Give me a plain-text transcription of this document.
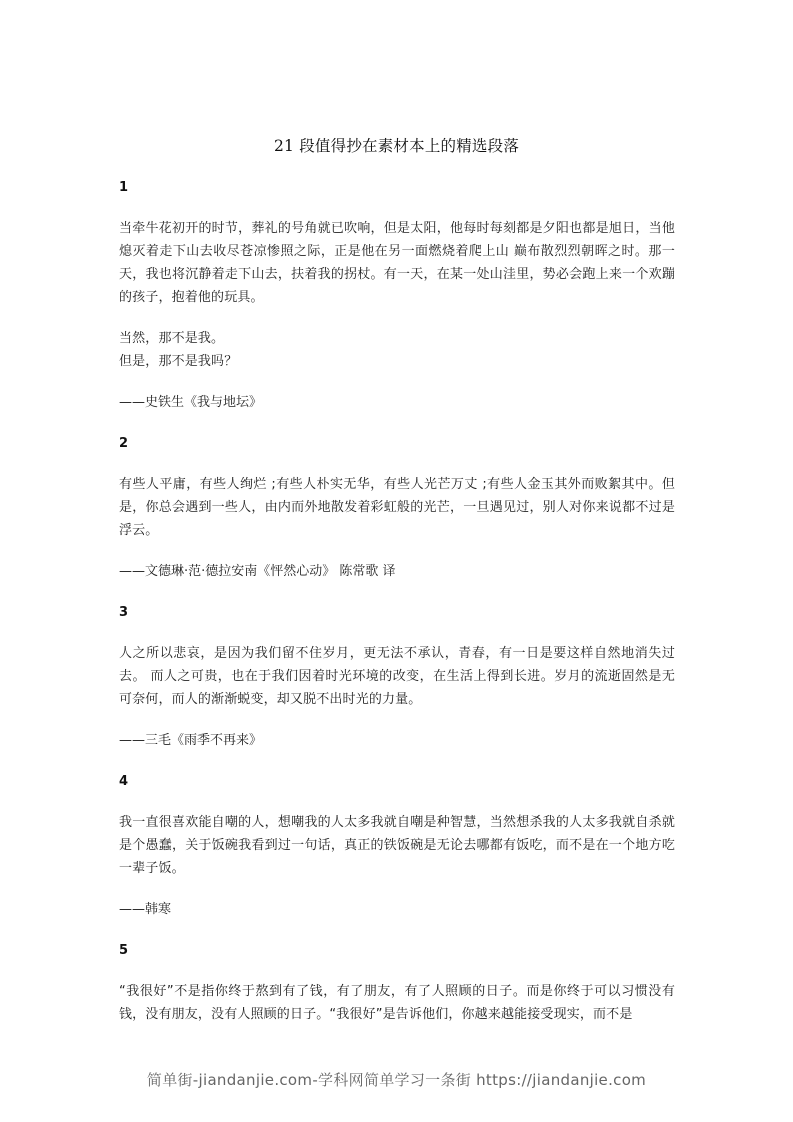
21 段值得抄在素材本上的精选段落
1

当牵牛花初开的时节，葬礼的号角就已吹响，但是太阳，他每时每刻都是夕阳也都是旭日，当他熄灭着走下山去收尽苍凉惨照之际，正是他在另一面燃烧着爬上山 巅布散烈烈朝晖之时。那一天，我也将沉静着走下山去，扶着我的拐杖。有一天，在某一处山洼里，势必会跑上来一个欢蹦的孩子，抱着他的玩具。

当然，那不是我。

但是，那不是我吗？

——史铁生《我与地坛》
2

有些人平庸，有些人绚烂 ;有些人朴实无华，有些人光芒万丈 ;有些人金玉其外而败絮其中。但是，你总会遇到一些人，由内而外地散发着彩虹般的光芒，一旦遇见过，别人对你来说都不过是浮云。

——文德琳·范·德拉安南《怦然心动》 陈常歌 译
3

人之所以悲哀，是因为我们留不住岁月，更无法不承认，青春，有一日是要这样自然地消失过去。 而人之可贵，也在于我们因着时光环境的改变，在生活上得到长进。岁月的流逝固然是无可奈何，而人的渐渐蜕变，却又脱不出时光的力量。

——三毛《雨季不再来》
4

我一直很喜欢能自嘲的人，想嘲我的人太多我就自嘲是种智慧，当然想杀我的人太多我就自杀就是个愚蠢，关于饭碗我看到过一句话，真正的铁饭碗是无论去哪都有饭吃，而不是在一个地方吃一辈子饭。

——韩寒
5

“我很好”不是指你终于熬到有了钱，有了朋友，有了人照顾的日子。而是你终于可以习惯没有钱，没有朋友，没有人照顾的日子。“我很好”是告诉他们，你越来越能接受现实，而不是

简单街-jiandanjie.com-学科网简单学习一条街 https://jiandanjie.com
